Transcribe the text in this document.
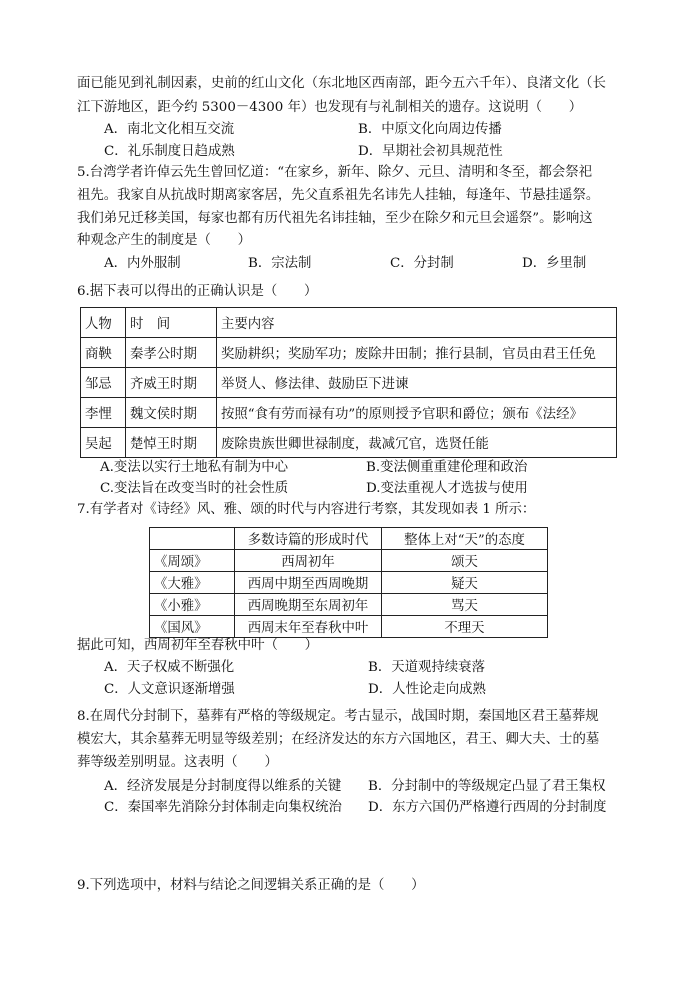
面已能见到礼制因素，史前的红山文化（东北地区西南部，距今五六千年）、良渚文化（长
江下游地区，距今约 5300－4300 年）也发现有与礼制相关的遗存。这说明（　　）
A．南北文化相互交流	B．中原文化向周边传播
C．礼乐制度日趋成熟	D．早期社会初具规范性
5.台湾学者许倬云先生曾回忆道：“在家乡，新年、除夕、元旦、清明和冬至，都会祭祀
祖先。我家自从抗战时期离家客居，先父直系祖先名讳先人挂轴，每逢年、节悬挂遥祭。
我们弟兄迁移美国，每家也都有历代祖先名讳挂轴，至少在除夕和元旦会遥祭”。影响这
种观念产生的制度是（　　）
A．内外服制	B．宗法制	C．分封制	D．乡里制
6.据下表可以得出的正确认识是（　　）
人物	时　间	主要内容
商鞅	秦孝公时期	奖励耕织；奖励军功；废除井田制；推行县制，官员由君王任免
邹忌	齐威王时期	举贤人、修法律、鼓励臣下进谏
李悝	魏文侯时期	按照“食有劳而禄有功”的原则授予官职和爵位；颁布《法经》
吴起	楚悼王时期	废除贵族世卿世禄制度，裁减冗官，选贤任能
A.变法以实行土地私有制为中心	B.变法侧重重建伦理和政治
C.变法旨在改变当时的社会性质	D.变法重视人才选拔与使用
7.有学者对《诗经》风、雅、颂的时代与内容进行考察，其发现如表 1 所示：
	多数诗篇的形成时代	整体上对“天”的态度
《周颂》	西周初年	颂天
《大雅》	西周中期至西周晚期	疑天
《小雅》	西周晚期至东周初年	骂天
《国风》	西周末年至春秋中叶	不理天
据此可知，西周初年至春秋中叶（　　）
A．天子权威不断强化	B．天道观持续衰落
C．人文意识逐渐增强	D．人性论走向成熟
8.在周代分封制下，墓葬有严格的等级规定。考古显示，战国时期，秦国地区君王墓葬规
模宏大，其余墓葬无明显等级差别；在经济发达的东方六国地区，君王、卿大夫、士的墓
葬等级差别明显。这表明（　　）
A．经济发展是分封制度得以维系的关键 B．分封制中的等级规定凸显了君王集权
C．秦国率先消除分封体制走向集权统治 D．东方六国仍严格遵行西周的分封制度
9.下列选项中，材料与结论之间逻辑关系正确的是（　　）
